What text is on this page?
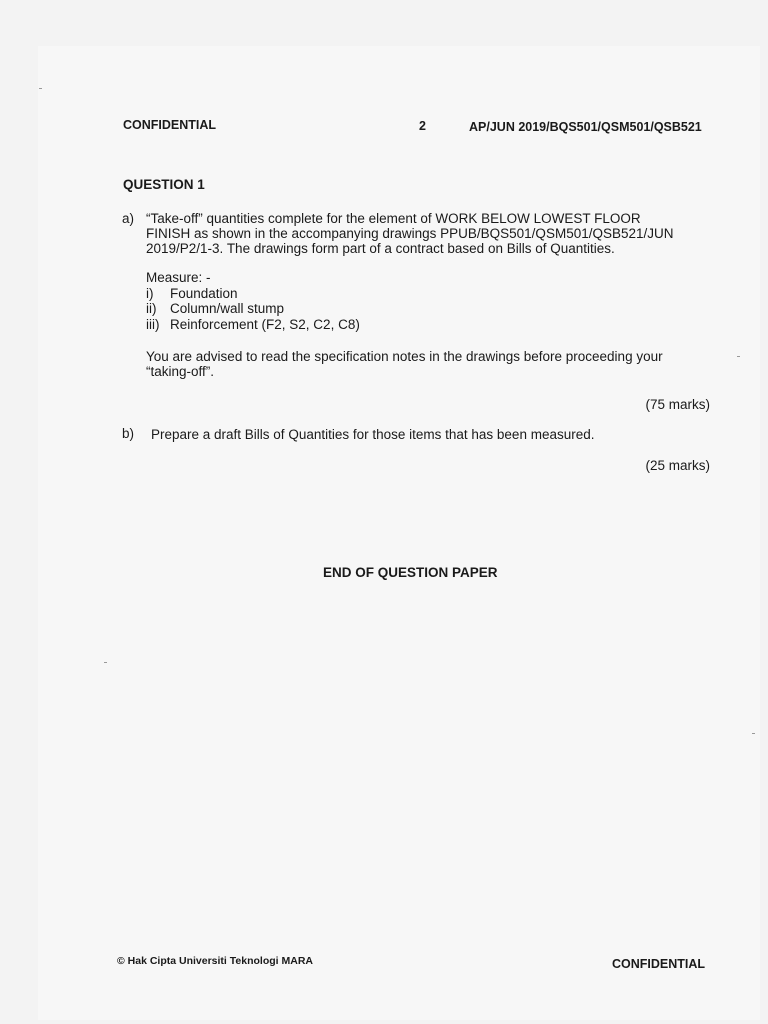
CONFIDENTIAL	2	AP/JUN 2019/BQS501/QSM501/QSB521
QUESTION 1
a) “Take-off” quantities complete for the element of WORK BELOW LOWEST FLOOR
FINISH as shown in the accompanying drawings PPUB/BQS501/QSM501/QSB521/JUN
2019/P2/1-3. The drawings form part of a contract based on Bills of Quantities.
Measure: -
i) Foundation
ii) Column/wall stump
iii) Reinforcement (F2, S2, C2, C8)
You are advised to read the specification notes in the drawings before proceeding your
“taking-off”.
(75 marks)
b) Prepare a draft Bills of Quantities for those items that has been measured.
(25 marks)
END OF QUESTION PAPER
© Hak Cipta Universiti Teknologi MARA	CONFIDENTIAL
